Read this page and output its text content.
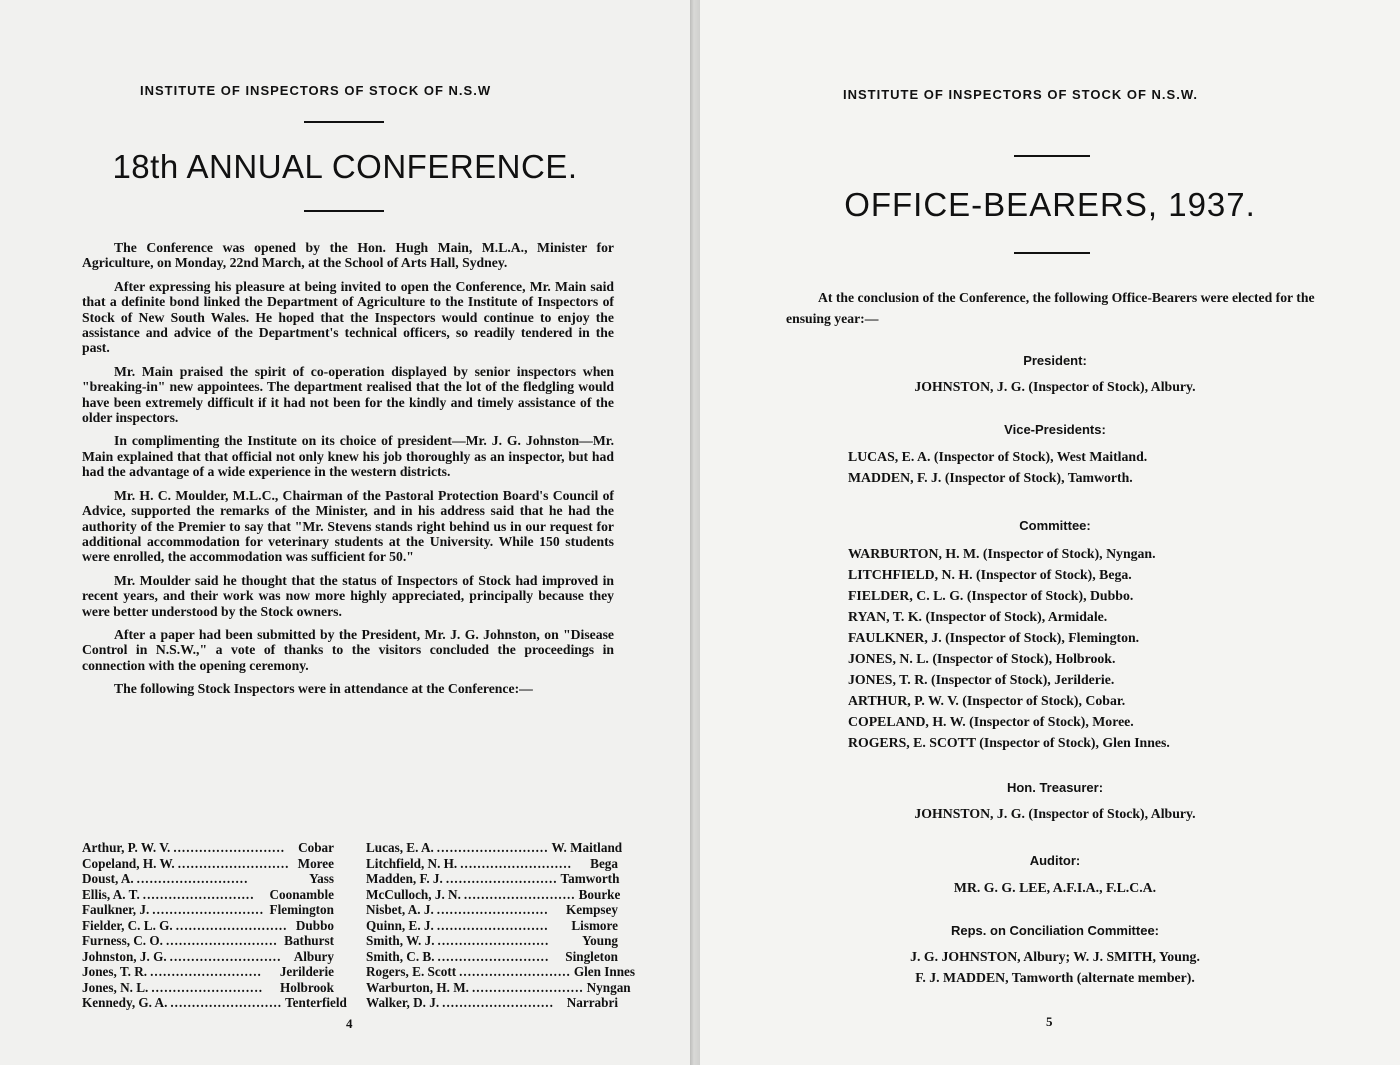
INSTITUTE OF INSPECTORS OF STOCK OF N.S.W
18th ANNUAL CONFERENCE.

The Conference was opened by the Hon. Hugh Main, M.L.A., Minister for Agriculture, on Monday, 22nd March, at the School of Arts Hall, Sydney.

After expressing his pleasure at being invited to open the Conference, Mr. Main said that a definite bond linked the Department of Agriculture to the Institute of Inspectors of Stock of New South Wales. He hoped that the Inspectors would continue to enjoy the assistance and advice of the Department's technical officers, so readily tendered in the past.

Mr. Main praised the spirit of co-operation displayed by senior inspectors when "breaking-in" new appointees. The department realised that the lot of the fledgling would have been extremely difficult if it had not been for the kindly and timely assistance of the older inspectors.

In complimenting the Institute on its choice of president—Mr. J. G. Johnston—Mr. Main explained that that official not only knew his job thoroughly as an inspector, but had had the advantage of a wide experience in the western districts.

Mr. H. C. Moulder, M.L.C., Chairman of the Pastoral Protection Board's Council of Advice, supported the remarks of the Minister, and in his address said that he had the authority of the Premier to say that "Mr. Stevens stands right behind us in our request for additional accommodation for veterinary students at the University. While 150 students were enrolled, the accommodation was sufficient for 50."

Mr. Moulder said he thought that the status of Inspectors of Stock had improved in recent years, and their work was now more highly appreciated, principally because they were better understood by the Stock owners.

After a paper had been submitted by the President, Mr. J. G. Johnston, on "Disease Control in N.S.W.," a vote of thanks to the visitors concluded the proceedings in connection with the opening ceremony.

The following Stock Inspectors were in attendance at the Conference:—

Arthur, P. W. V. .......................... Cobar
Copeland, H. W. .......................... Moree
Doust, A. ..........................	Yass
Ellis, A. T. ..........................	Coonamble
Faulkner, J. .......................... Flemington
Fielder, C. L. G. .......................... Dubbo
Furness, C. O. .......................... Bathurst
Johnston, J. G. .......................... Albury
Jones, T. R. ..........................	Jerilderie
Jones, N. L. ..........................	Holbrook
Kennedy, G. A. .......................... Tenterfield
Lucas, E. A. .......................... W. Maitland
Litchfield, N. H. ..........................	Bega
Madden, F. J. .......................... Tamworth
McCulloch, J. N. .......................... Bourke
Nisbet, A. J. ..........................	Kempsey
Quinn, E. J. ..........................	Lismore
Smith, W. J. ..........................	Young
Smith, C. B. ..........................	Singleton
Rogers, E. Scott .......................... Glen Innes
Warburton, H. M. .......................... Nyngan
Walker, D. J. .......................... Narrabri
4
INSTITUTE OF INSPECTORS OF STOCK OF N.S.W.
OFFICE-BEARERS, 1937.
At the conclusion of the Conference, the following Office-Bearers were elected for the ensuing year:—
President:
JOHNSTON, J. G. (Inspector of Stock), Albury.
Vice-Presidents:
LUCAS, E. A. (Inspector of Stock), West Maitland.
MADDEN, F. J. (Inspector of Stock), Tamworth.
Committee:
WARBURTON, H. M. (Inspector of Stock), Nyngan.
LITCHFIELD, N. H. (Inspector of Stock), Bega.
FIELDER, C. L. G. (Inspector of Stock), Dubbo.
RYAN, T. K. (Inspector of Stock), Armidale.
FAULKNER, J. (Inspector of Stock), Flemington.
JONES, N. L. (Inspector of Stock), Holbrook.
JONES, T. R. (Inspector of Stock), Jerilderie.
ARTHUR, P. W. V. (Inspector of Stock), Cobar.
COPELAND, H. W. (Inspector of Stock), Moree.
ROGERS, E. SCOTT (Inspector of Stock), Glen Innes.
Hon. Treasurer:
JOHNSTON, J. G. (Inspector of Stock), Albury.
Auditor:
MR. G. G. LEE, A.F.I.A., F.L.C.A.
Reps. on Conciliation Committee:
J. G. JOHNSTON, Albury; W. J. SMITH, Young.
F. J. MADDEN, Tamworth (alternate member).
5
